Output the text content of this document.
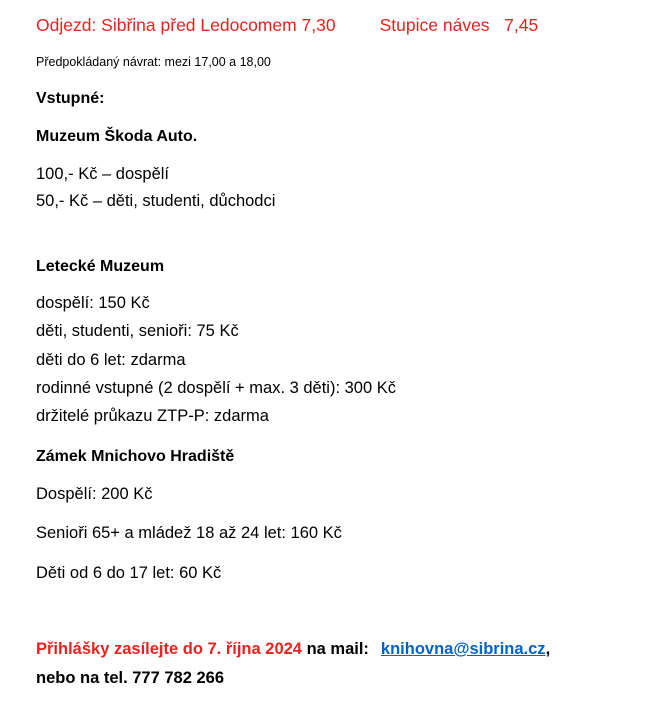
Odjezd: Sibřina před Ledocomem 7,30	Stupice náves   7,45
Předpokládaný návrat: mezi 17,00 a 18,00
Vstupné:
Muzeum Škoda Auto.
100,- Kč – dospělí
50,- Kč – děti, studenti, důchodci
Letecké Muzeum
dospělí: 150 Kč
děti, studenti, senioři: 75 Kč
děti do 6 let: zdarma
rodinné vstupné (2 dospělí + max. 3 děti): 300 Kč
držitelé průkazu ZTP-P: zdarma
Zámek Mnichovo Hradiště
Dospělí: 200 Kč
Senioři 65+ a mládež 18 až 24 let: 160 Kč
Děti od 6 do 17 let: 60 Kč
Přihlášky zasílejte do 7. října 2024 na mail: knihovna@sibrina.cz,
nebo na tel. 777 782 266
